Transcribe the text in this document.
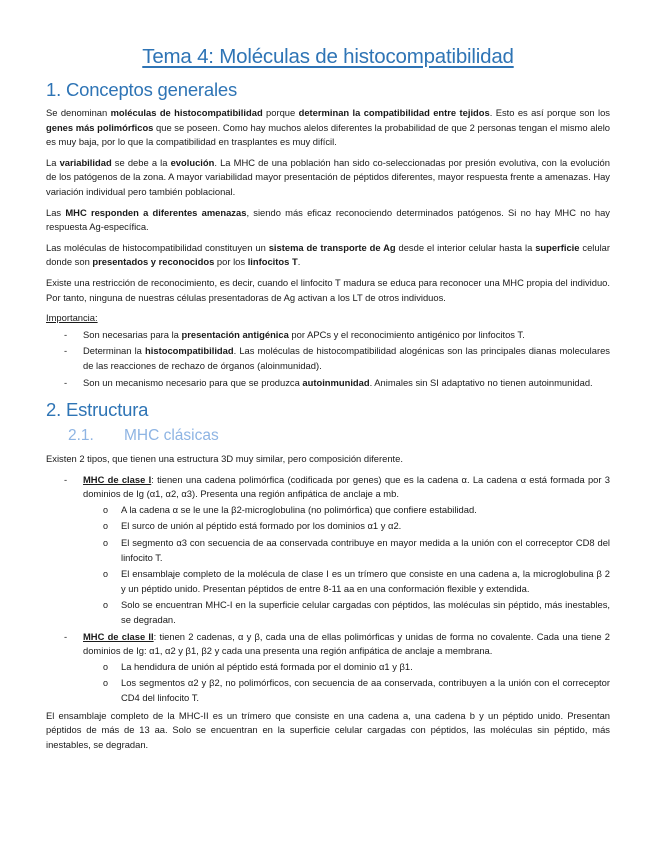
Tema 4: Moléculas de histocompatibilidad
1. Conceptos generales

Se denominan moléculas de histocompatibilidad porque determinan la compatibilidad entre tejidos. Esto es así porque son los genes más polimórficos que se poseen. Como hay muchos alelos diferentes la probabilidad de que 2 personas tengan el mismo alelo es muy baja, por lo que la compatibilidad en trasplantes es muy difícil.

La variabilidad se debe a la evolución. La MHC de una población han sido co-seleccionadas por presión evolutiva, con la evolución de los patógenos de la zona. A mayor variabilidad mayor presentación de péptidos diferentes, mayor respuesta frente a amenazas. Hay variación individual pero también poblacional.

Las MHC responden a diferentes amenazas, siendo más eficaz reconociendo determinados patógenos. Si no hay MHC no hay respuesta Ag-específica.

Las moléculas de histocompatibilidad constituyen un sistema de transporte de Ag desde el interior celular hasta la superficie celular donde son presentados y reconocidos por los linfocitos T.

Existe una restricción de reconocimiento, es decir, cuando el linfocito T madura se educa para reconocer una MHC propia del individuo. Por tanto, ninguna de nuestras células presentadoras de Ag activan a los LT de otros individuos.

Importancia:

- Son necesarias para la presentación antigénica por APCs y el reconocimiento antigénico por linfocitos T.
- Determinan la histocompatibilidad. Las moléculas de histocompatibilidad alogénicas son las principales dianas moleculares de las reacciones de rechazo de órganos (aloinmunidad).
- Son un mecanismo necesario para que se produzca autoinmunidad. Animales sin SI adaptativo no tienen autoinmunidad.
2. Estructura
2.1.	MHC clásicas

Existen 2 tipos, que tienen una estructura 3D muy similar, pero composición diferente.

- MHC de clase I: tienen una cadena polimórfica (codificada por genes) que es la cadena α. La cadena α está formada por 3 dominios de Ig (α1, α2, α3). Presenta una región anfipática de anclaje a mb.
o A la cadena α se le une la β2-microglobulina (no polimórfica) que confiere estabilidad.
o El surco de unión al péptido está formado por los dominios α1 y α2.
o El segmento α3 con secuencia de aa conservada contribuye en mayor medida a la unión con el correceptor CD8 del linfocito T.
o El ensamblaje completo de la molécula de clase I es un trímero que consiste en una cadena a, la microglobulina β 2 y un péptido unido. Presentan péptidos de entre 8-11 aa en una conformación flexible y extendida.
o Solo se encuentran MHC-I en la superficie celular cargadas con péptidos, las moléculas sin péptido, más inestables, se degradan.
- MHC de clase II: tienen 2 cadenas, α y β, cada una de ellas polimórficas y unidas de forma no covalente. Cada una tiene 2 dominios de Ig: α1, α2 y β1, β2 y cada una presenta una región anfipática de anclaje a membrana.
o La hendidura de unión al péptido está formada por el dominio α1 y β1.
o Los segmentos α2 y β2, no polimórficos, con secuencia de aa conservada, contribuyen a la unión con el correceptor CD4 del linfocito T.

El ensamblaje completo de la MHC-II es un trímero que consiste en una cadena a, una cadena b y un péptido unido. Presentan péptidos de más de 13 aa. Solo se encuentran en la superficie celular cargadas con péptidos, las moléculas sin péptido, más inestables, se degradan.
